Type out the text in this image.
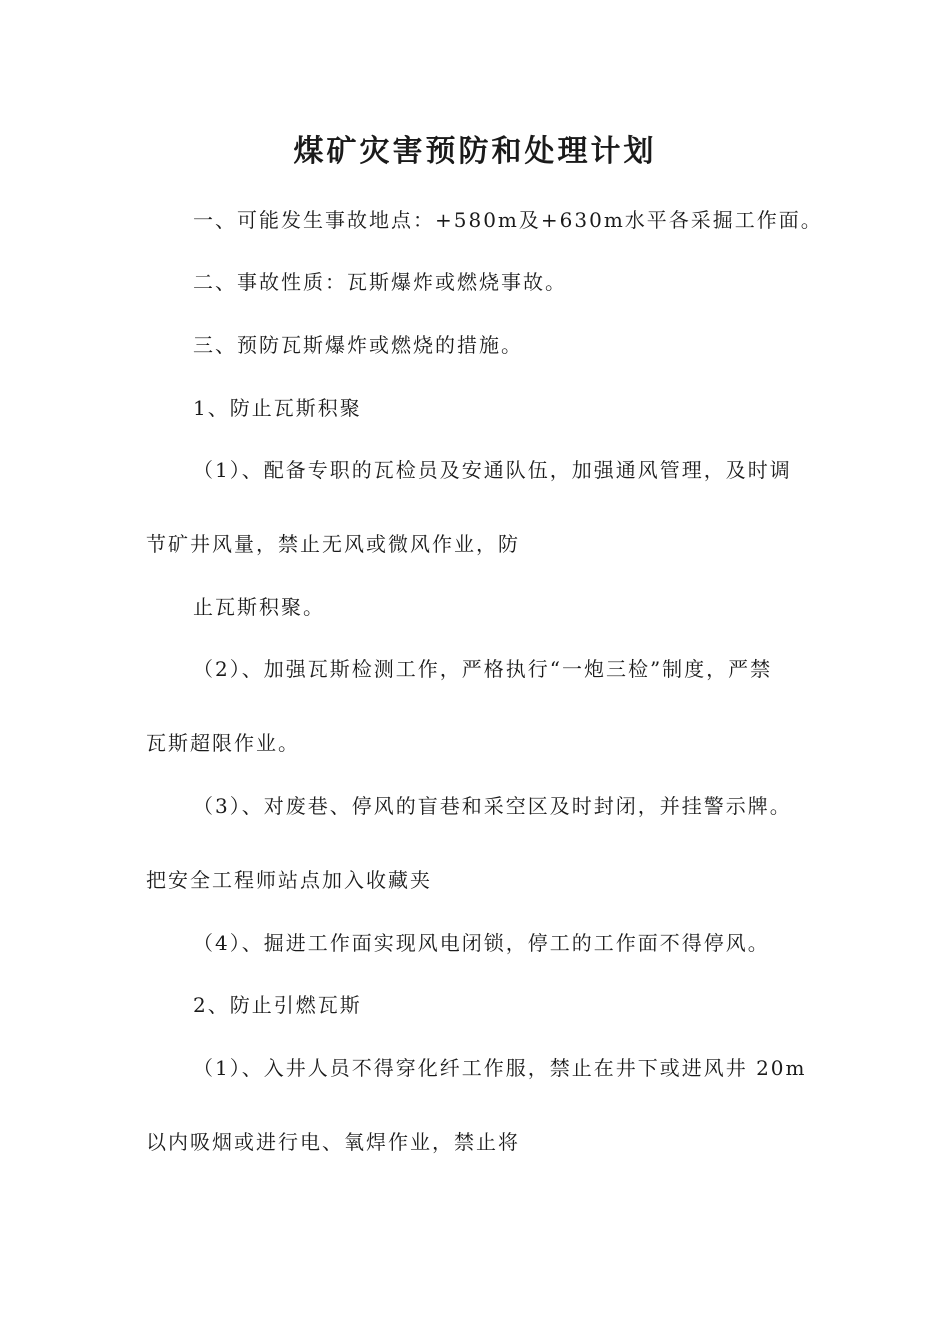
煤矿灾害预防和处理计划
一、可能发生事故地点：+580m及+630m水平各采掘工作面。
二、事故性质：瓦斯爆炸或燃烧事故。
三、预防瓦斯爆炸或燃烧的措施。
1、防止瓦斯积聚
（1）、配备专职的瓦检员及安通队伍，加强通风管理，及时调
节矿井风量，禁止无风或微风作业，防
止瓦斯积聚。
（2）、加强瓦斯检测工作，严格执行“一炮三检”制度，严禁
瓦斯超限作业。
（3）、对废巷、停风的盲巷和采空区及时封闭，并挂警示牌。
把安全工程师站点加入收藏夹
（4）、掘进工作面实现风电闭锁，停工的工作面不得停风。
2、防止引燃瓦斯
（1）、入井人员不得穿化纤工作服，禁止在井下或进风井 20m
以内吸烟或进行电、氧焊作业，禁止将
